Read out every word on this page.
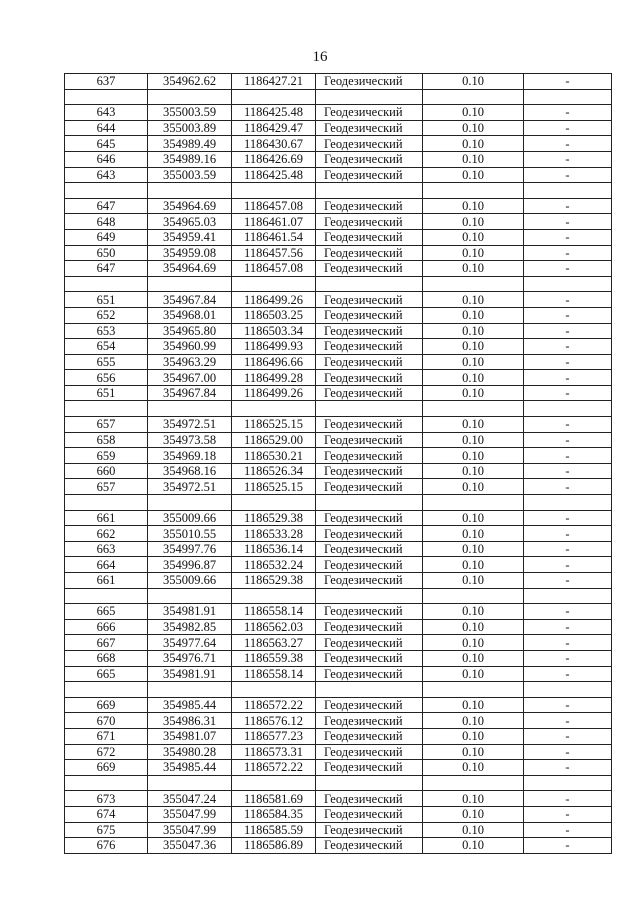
16
637	354962.62	1186427.21	Геодезический	0.10	-

643	355003.59	1186425.48	Геодезический	0.10	-
644	355003.89	1186429.47	Геодезический	0.10	-
645	354989.49	1186430.67	Геодезический	0.10	-
646	354989.16	1186426.69	Геодезический	0.10	-
643	355003.59	1186425.48	Геодезический	0.10	-

647	354964.69	1186457.08	Геодезический	0.10	-
648	354965.03	1186461.07	Геодезический	0.10	-
649	354959.41	1186461.54	Геодезический	0.10	-
650	354959.08	1186457.56	Геодезический	0.10	-
647	354964.69	1186457.08	Геодезический	0.10	-

651	354967.84	1186499.26	Геодезический	0.10	-
652	354968.01	1186503.25	Геодезический	0.10	-
653	354965.80	1186503.34	Геодезический	0.10	-
654	354960.99	1186499.93	Геодезический	0.10	-
655	354963.29	1186496.66	Геодезический	0.10	-
656	354967.00	1186499.28	Геодезический	0.10	-
651	354967.84	1186499.26	Геодезический	0.10	-

657	354972.51	1186525.15	Геодезический	0.10	-
658	354973.58	1186529.00	Геодезический	0.10	-
659	354969.18	1186530.21	Геодезический	0.10	-
660	354968.16	1186526.34	Геодезический	0.10	-
657	354972.51	1186525.15	Геодезический	0.10	-

661	355009.66	1186529.38	Геодезический	0.10	-
662	355010.55	1186533.28	Геодезический	0.10	-
663	354997.76	1186536.14	Геодезический	0.10	-
664	354996.87	1186532.24	Геодезический	0.10	-
661	355009.66	1186529.38	Геодезический	0.10	-

665	354981.91	1186558.14	Геодезический	0.10	-
666	354982.85	1186562.03	Геодезический	0.10	-
667	354977.64	1186563.27	Геодезический	0.10	-
668	354976.71	1186559.38	Геодезический	0.10	-
665	354981.91	1186558.14	Геодезический	0.10	-

669	354985.44	1186572.22	Геодезический	0.10	-
670	354986.31	1186576.12	Геодезический	0.10	-
671	354981.07	1186577.23	Геодезический	0.10	-
672	354980.28	1186573.31	Геодезический	0.10	-
669	354985.44	1186572.22	Геодезический	0.10	-

673	355047.24	1186581.69	Геодезический	0.10	-
674	355047.99	1186584.35	Геодезический	0.10	-
675	355047.99	1186585.59	Геодезический	0.10	-
676	355047.36	1186586.89	Геодезический	0.10	-
